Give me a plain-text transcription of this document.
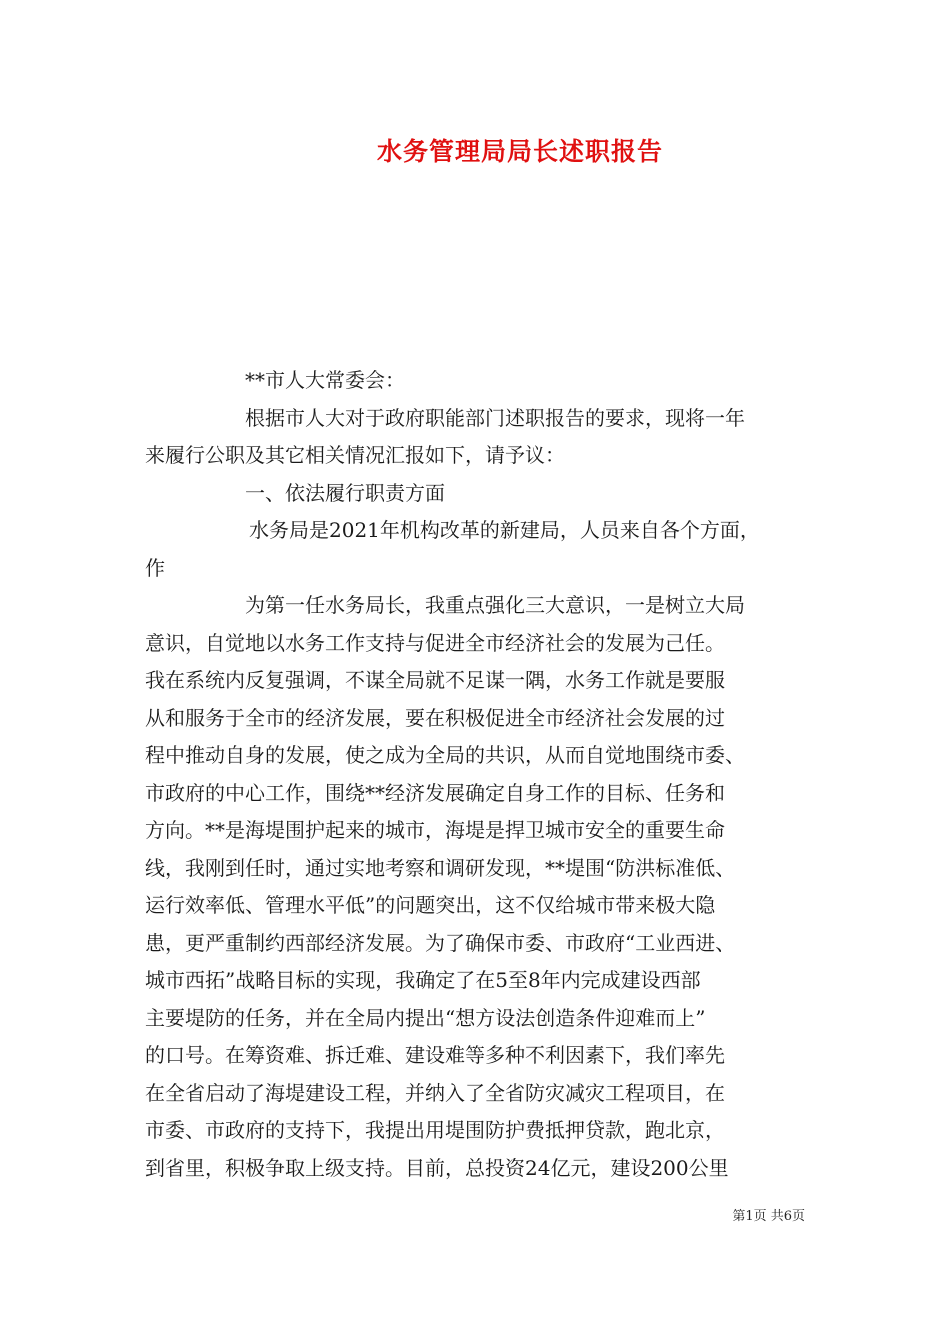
水务管理局局长述职报告
**市人大常委会：
根据市人大对于政府职能部门述职报告的要求，现将一年
来履行公职及其它相关情况汇报如下，请予议：
一、依法履行职责方面
水务局是2021年机构改革的新建局，人员来自各个方面，
作
为第一任水务局长，我重点强化三大意识，一是树立大局
意识，自觉地以水务工作支持与促进全市经济社会的发展为己任。
我在系统内反复强调，不谋全局就不足谋一隅，水务工作就是要服
从和服务于全市的经济发展，要在积极促进全市经济社会发展的过
程中推动自身的发展，使之成为全局的共识，从而自觉地围绕市委、
市政府的中心工作，围绕**经济发展确定自身工作的目标、任务和
方向。**是海堤围护起来的城市，海堤是捍卫城市安全的重要生命
线，我刚到任时，通过实地考察和调研发现，**堤围“防洪标准低、
运行效率低、管理水平低”的问题突出，这不仅给城市带来极大隐
患，更严重制约西部经济发展。为了确保市委、市政府“工业西进、
城市西拓”战略目标的实现，我确定了在5至8年内完成建设西部
主要堤防的任务，并在全局内提出“想方设法创造条件迎难而上”
的口号。在筹资难、拆迁难、建设难等多种不利因素下，我们率先
在全省启动了海堤建设工程，并纳入了全省防灾减灾工程项目，在
市委、市政府的支持下，我提出用堤围防护费抵押贷款，跑北京，
到省里，积极争取上级支持。目前，总投资24亿元，建设200公里
第1页 共6页
